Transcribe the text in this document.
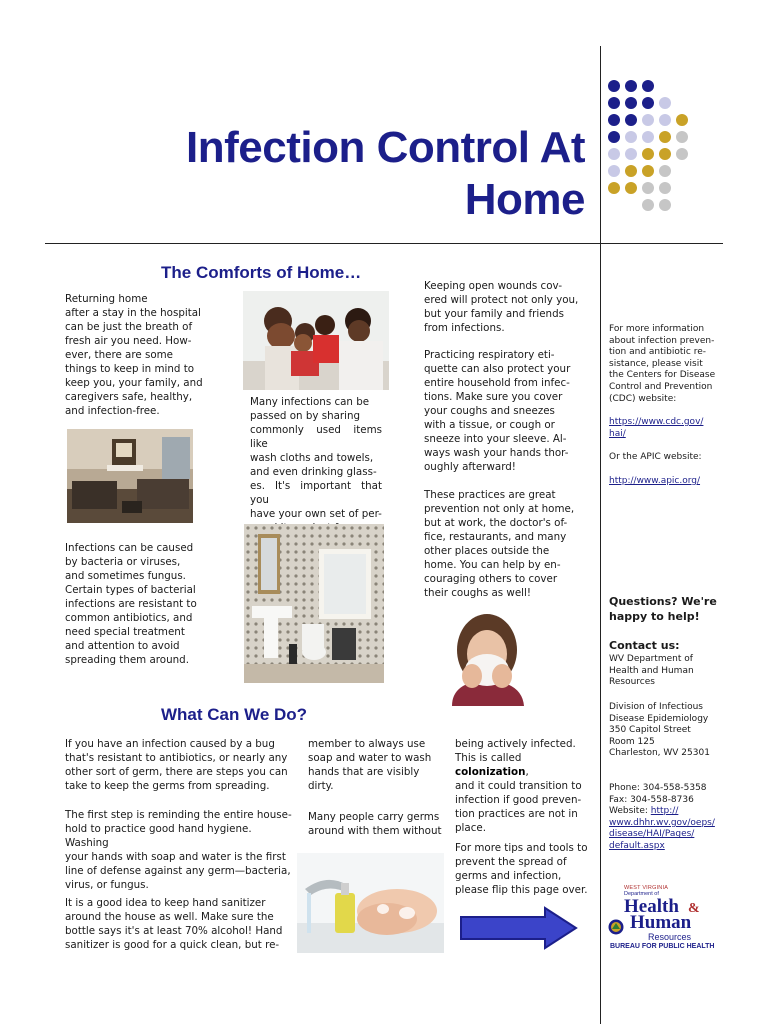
Infection Control At
Home
The Comforts of Home…
Returning home
after a stay in the hospital
can be just the breath of
fresh air you need. How-
ever, there are some
things to keep in mind to
keep you, your family, and
caregivers safe, healthy,
and infection-free.
Many infections can be
passed on by sharing
commonly used items like
wash cloths and towels,
and even drinking glass-
es. It's important that you
have your own set of per-
Infections can be caused
by bacteria or viruses,
and sometimes fungus.
Certain types of bacterial
infections are resistant to
common antibiotics, and
need special treatment
and attention to avoid
spreading them around.
Keeping open wounds cov-
ered will protect not only you,
but your family and friends
from infections.
Practicing respiratory eti-
quette can also protect your
entire household from infec-
tions. Make sure you cover
your coughs and sneezes
with a tissue, or cough or
sneeze into your sleeve. Al-
ways wash your hands thor-
oughly afterward!
These practices are great
prevention not only at home,
but at work, the doctor's of-
fice, restaurants, and many
other places outside the
home. You can help by en-
couraging others to cover
their coughs as well!
What Can We Do?
If you have an infection caused by a bug
that's resistant to antibiotics, or nearly any
other sort of germ, there are steps you can
take to keep the germs from spreading.
The first step is reminding the entire house-
hold to practice good hand hygiene. Washing
your hands with soap and water is the first
line of defense against any germ—bacteria,
virus, or fungus.
It is a good idea to keep hand sanitizer
around the house as well. Make sure the
bottle says it's at least 70% alcohol! Hand
sanitizer is good for a quick clean, but re-
member to always use
soap and water to wash
hands that are visibly
dirty.
Many people carry germs
around with them without
being actively infected.
This is called colonization,
and it could transition to
infection if good preven-
tion practices are not in
place.
For more tips and tools to
prevent the spread of
germs and infection,
please flip this page over.
For more information
about infection preven-
tion and antibiotic re-
sistance, please visit
the Centers for Disease
Control and Prevention
(CDC) website:
https://www.cdc.gov/
hai/
Or the APIC website:
http://www.apic.org/
Questions? We're
happy to help!
Contact us:
WV Department of
Health and Human
Resources
Division of Infectious
Disease Epidemiology
350 Capitol Street
Room 125
Charleston, WV 25301
Phone: 304-558-5358
Fax: 304-558-8736
Website: http://
www.dhhr.wv.gov/oeps/
disease/HAI/Pages/
default.aspx
WEST VIRGINIA
Department of
Health &
Human
Resources
BUREAU FOR PUBLIC HEALTH
